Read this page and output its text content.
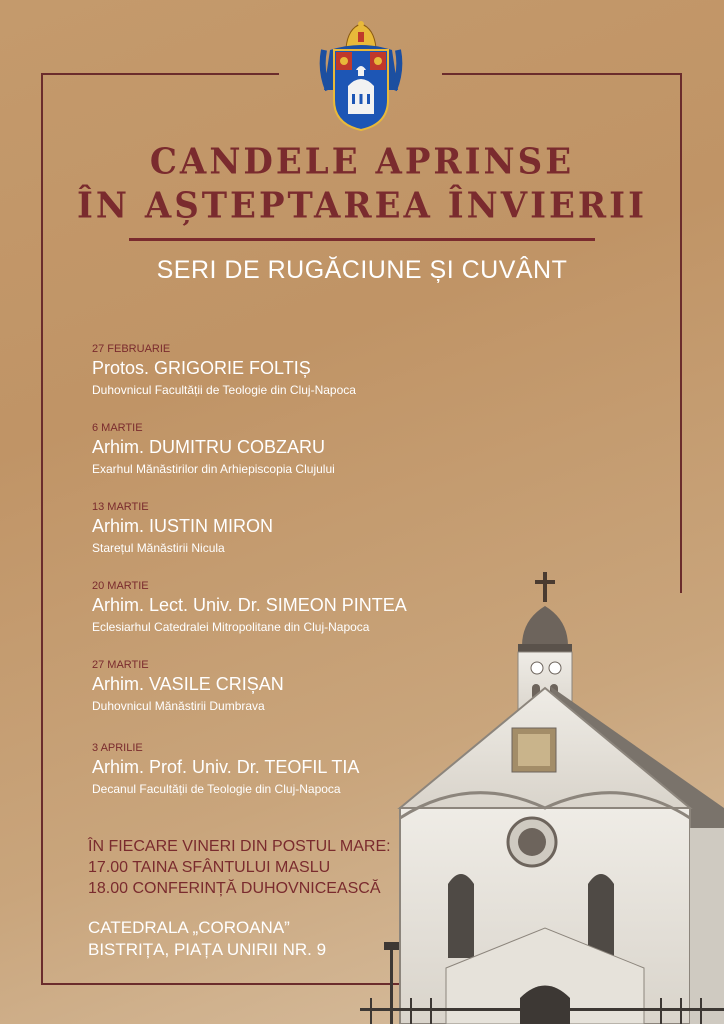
CANDELE APRINSE
ÎN AȘTEPTAREA ÎNVIERII
SERI DE RUGĂCIUNE ȘI CUVÂNT
27 FEBRUARIE
Protos. GRIGORIE FOLTIȘ
Duhovnicul Facultății de Teologie din Cluj-Napoca
6 MARTIE
Arhim. DUMITRU COBZARU
Exarhul Mănăstirilor din Arhiepiscopia Clujului
13 MARTIE
Arhim. IUSTIN MIRON
Starețul Mănăstirii Nicula
20 MARTIE
Arhim. Lect. Univ. Dr. SIMEON PINTEA
Eclesiarhul Catedralei Mitropolitane din Cluj-Napoca
27 MARTIE
Arhim. VASILE CRIȘAN
Duhovnicul Mănăstirii Dumbrava
3 APRILIE
Arhim. Prof. Univ. Dr. TEOFIL TIA
Decanul Facultății de Teologie din Cluj-Napoca
ÎN FIECARE VINERI DIN POSTUL MARE:
17.00 TAINA SFÂNTULUI MASLU
18.00 CONFERINȚĂ DUHOVNICEASCĂ
CATEDRALA „COROANA”
BISTRIȚA, PIAȚA UNIRII NR. 9
